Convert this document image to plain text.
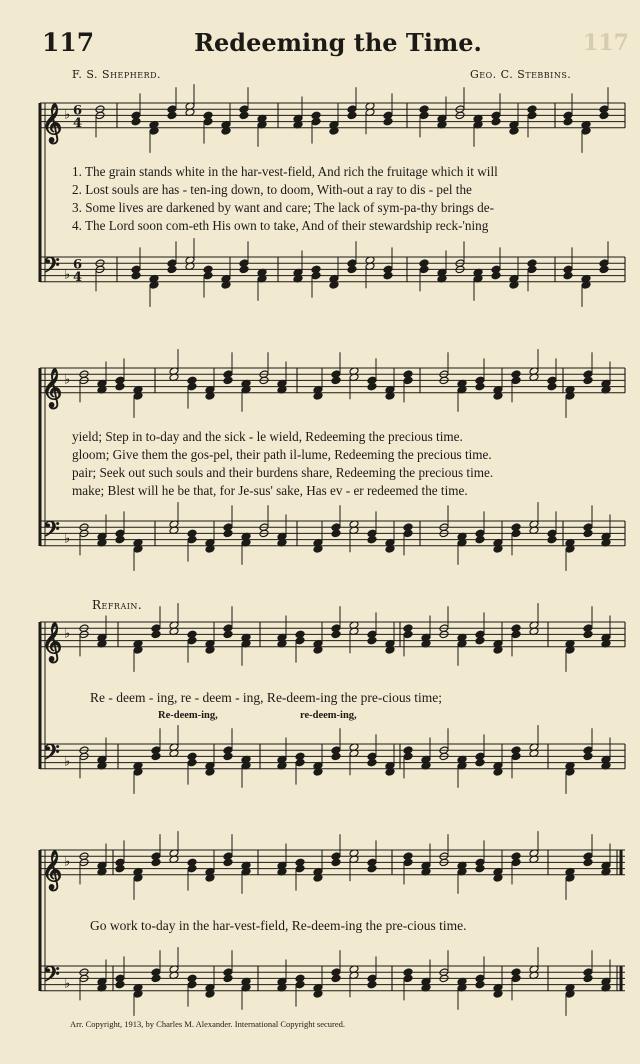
117
117	Redeeming the Time.
F. S. Shepherd.	Geo. C. Stebbins.
𝄞 ♭ 6
4
𝄢 ♭
6
4
𝄞 ♭
𝄢 ♭
𝄞 ♭
𝄢 ♭
𝄞 ♭
𝄢 ♭
1. The grain stands white in the har-vest-field, And rich the fruitage which it will
2. Lost souls are has - ten-ing down, to doom, With-out a ray to dis - pel the
3. Some lives are darkened by want and care; The lack of sym-pa-thy brings de-
4. The Lord soon com-eth His own to take, And of their stewardship reck-'ning
yield; Step in to-day and the sick - le wield, Redeeming the precious time.
gloom; Give them the gos-pel, their path il-lume, Redeeming the precious time.
pair; Seek out such souls and their burdens share, Redeeming the precious time.
make; Blest will he be that, for Je-sus' sake, Has ev - er redeemed the time.
Refrain.
Re - deem - ing, re - deem - ing, Re-deem-ing the pre-cious time;
Re-deem-ing,	re-deem-ing,
Go work to-day in the har-vest-field, Re-deem-ing the pre-cious time.
Arr. Copyright, 1913, by Charles M. Alexander. International Copyright secured.
